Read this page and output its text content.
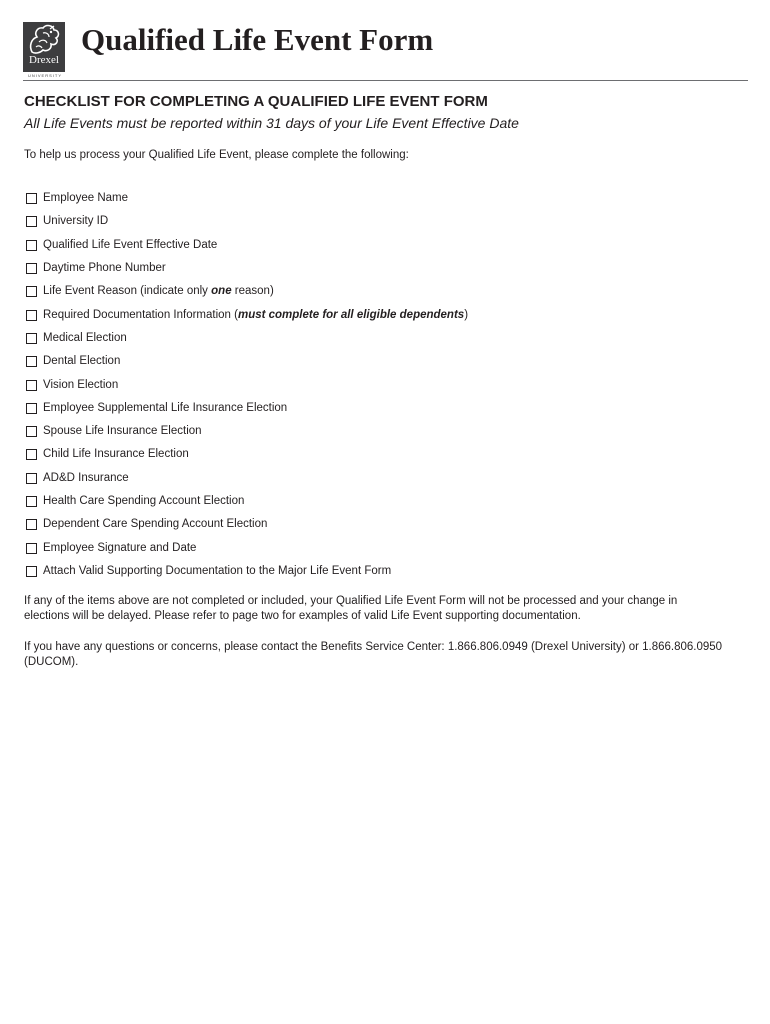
Drexel
UNIVERSITY
Qualified Life Event Form
CHECKLIST FOR COMPLETING A QUALIFIED LIFE EVENT FORM
All Life Events must be reported within 31 days of your Life Event Effective Date
To help us process your Qualified Life Event, please complete the following:
Employee Name
University ID
Qualified Life Event Effective Date
Daytime Phone Number
Life Event Reason (indicate only one reason)
Required Documentation Information (must complete for all eligible dependents)
Medical Election
Dental Election
Vision Election
Employee Supplemental Life Insurance Election
Spouse Life Insurance Election
Child Life Insurance Election
AD&D Insurance
Health Care Spending Account Election
Dependent Care Spending Account Election
Employee Signature and Date
Attach Valid Supporting Documentation to the Major Life Event Form

If any of the items above are not completed or included, your Qualified Life Event Form will not be processed and your change in elections will be delayed. Please refer to page two for examples of valid Life Event supporting documentation.

If you have any questions or concerns, please contact the Benefits Service Center: 1.866.806.0949 (Drexel University) or 1.866.806.0950 (DUCOM).
